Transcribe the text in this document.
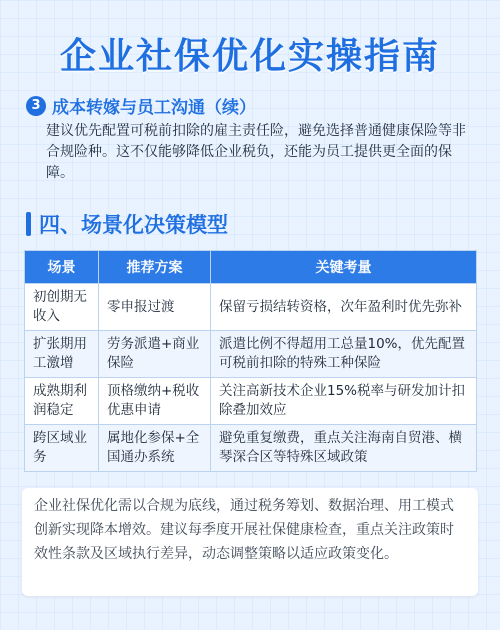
企业社保优化实操指南
3 成本转嫁与员工沟通（续）
建议优先配置可税前扣除的雇主责任险，避免选择普通健康保险等非合规险种。这不仅能够降低企业税负，还能为员工提供更全面的保障。
四、场景化决策模型
场景	推荐方案	关键考量
初创期无收入	零申报过渡	保留亏损结转资格，次年盈利时优先弥补
扩张期用工激增	劳务派遣+商业保险	派遣比例不得超用工总量10%，优先配置可税前扣除的特殊工种保险
成熟期利润稳定	顶格缴纳+税收优惠申请	关注高新技术企业15%税率与研发加计扣除叠加效应
跨区域业务	属地化参保+全国通办系统	避免重复缴费，重点关注海南自贸港、横琴深合区等特殊区域政策
企业社保优化需以合规为底线，通过税务筹划、数据治理、用工模式创新实现降本增效。建议每季度开展社保健康检查，重点关注政策时效性条款及区域执行差异，动态调整策略以适应政策变化。
